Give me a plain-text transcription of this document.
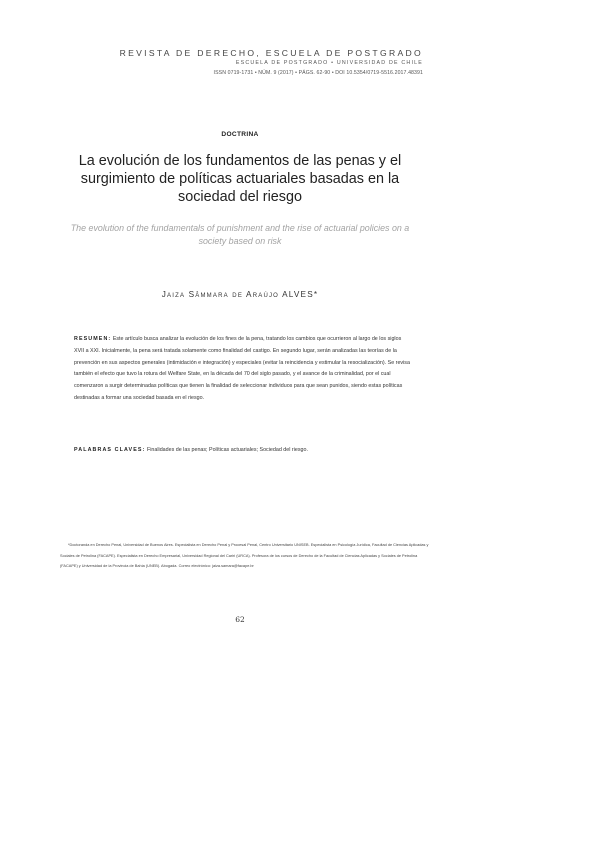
REVISTA DE DERECHO, ESCUELA DE POSTGRADO

ESCUELA DE POSTGRADO • UNIVERSIDAD DE CHILE

ISSN 0719-1731 • NÚM. 9 (2017) • PÁGS. 62-90 • DOI 10.5354/0719-5516.2017.48391

DOCTRINA

La evolución de los fundamentos de las penas y el surgimiento de políticas actuariales basadas en la sociedad del riesgo

The evolution of the fundamentals of punishment and the rise of actuarial policies on a society based on risk

Jaiza Sâmmara de Araújo ALVES*

RESUMEN: Este artículo busca analizar la evolución de los fines de la pena, tratando los cambios que ocurrieron al largo de los siglos XVII a XXI. Inicialmente, la pena será tratada solamente como finalidad del castigo. En segundo lugar, serán analizadas las teorías de la prevención en sus aspectos generales (intimidación e integración) y especiales (evitar la reincidencia y estimular la resocialización). Se revisa también el efecto que tuvo la rotura del Welfare State, en la década del 70 del siglo pasado, y el avance de la criminalidad, por el cual comenzaron a surgir determinadas políticas que tienen la finalidad de seleccionar individuos para que sean punidos, siendo estas políticas destinadas a formar una sociedad basada en el riesgo.

PALABRAS CLAVES: Finalidades de las penas; Políticas actuariales; Sociedad del riesgo.

*Doctoranda en Derecho Penal, Universidad de Buenos Aires. Especialista en Derecho Penal y Procesal Penal, Centro Universitario UNISEB. Especialista en Psicología Jurídica, Facultad de Ciencias Aplicadas y Sociales de Petrolina (FACAPE). Especialista en Derecho Empresarial, Universidad Regional del Cariri (URCA). Profesora de los cursos de Derecho de la Facultad de Ciencias Aplicadas y Sociales de Petrolina (FACAPE) y Universidad de la Provincia de Bahía (UNEB). Abogada. Correo electrónico: jaiza.samara@facape.br

62
